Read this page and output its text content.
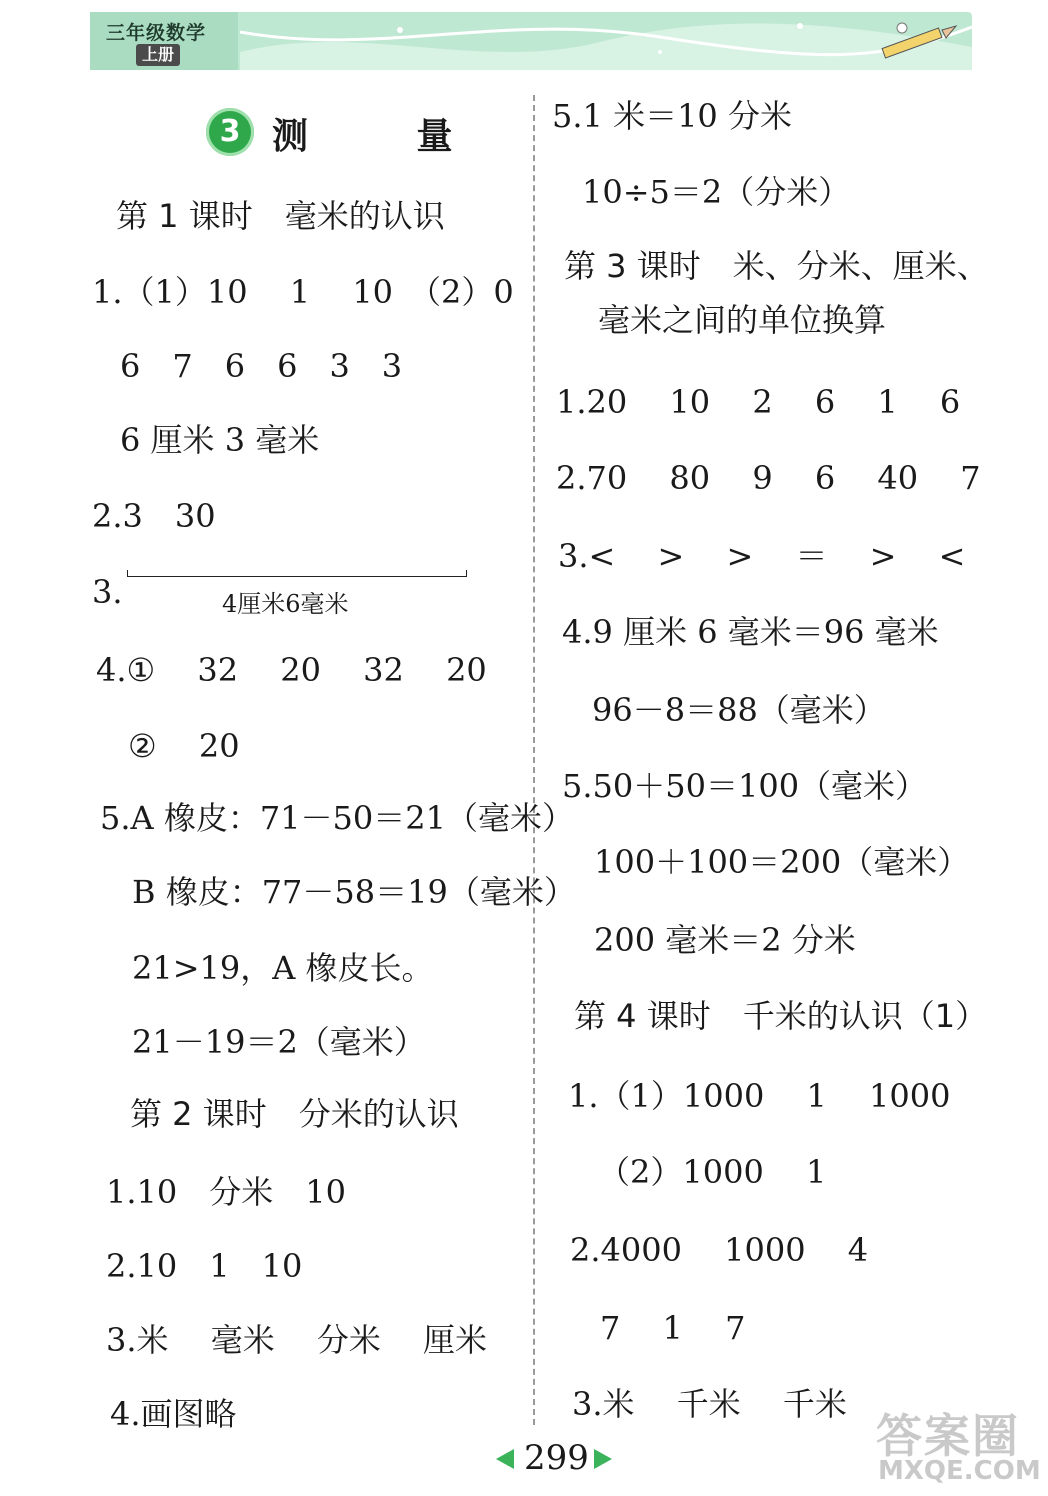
三年级数学
上册
3 测 量
第 1 课时　毫米的认识
1.（1）10　 1　 10　（2）0
6　7　6　6　3　3
6 厘米 3 毫米
2.3　30
3.	4厘米6毫米
4.①　 32　 20　 32　 20
②　 20
5.A 橡皮：71－50＝21（毫米）
B 橡皮：77－58＝19（毫米）
21>19，A 橡皮长。
21－19＝2（毫米）
第 2 课时　分米的认识
1.10　分米　10
2.10　1　10
3.米　 毫米　 分米　 厘米
4.画图略
5.1 米＝10 分米
10÷5＝2（分米）
第 3 课时　米、分米、厘米、
毫米之间的单位换算
1.20　 10　 2　 6　 1　 6
2.70　 80　 9　 6　 40　 7
3.<　 >　 >　 ＝　 >　 <
4.9 厘米 6 毫米＝96 毫米
96－8＝88（毫米）
5.50＋50＝100（毫米）
100＋100＝200（毫米）
200 毫米＝2 分米
第 4 课时　千米的认识（1）
1.（1）1000　 1　 1000
（2）1000　 1
2.4000　 1000　 4
7　 1　 7
3.米　 千米　 千米
299	答案圈
MXQE.COM
